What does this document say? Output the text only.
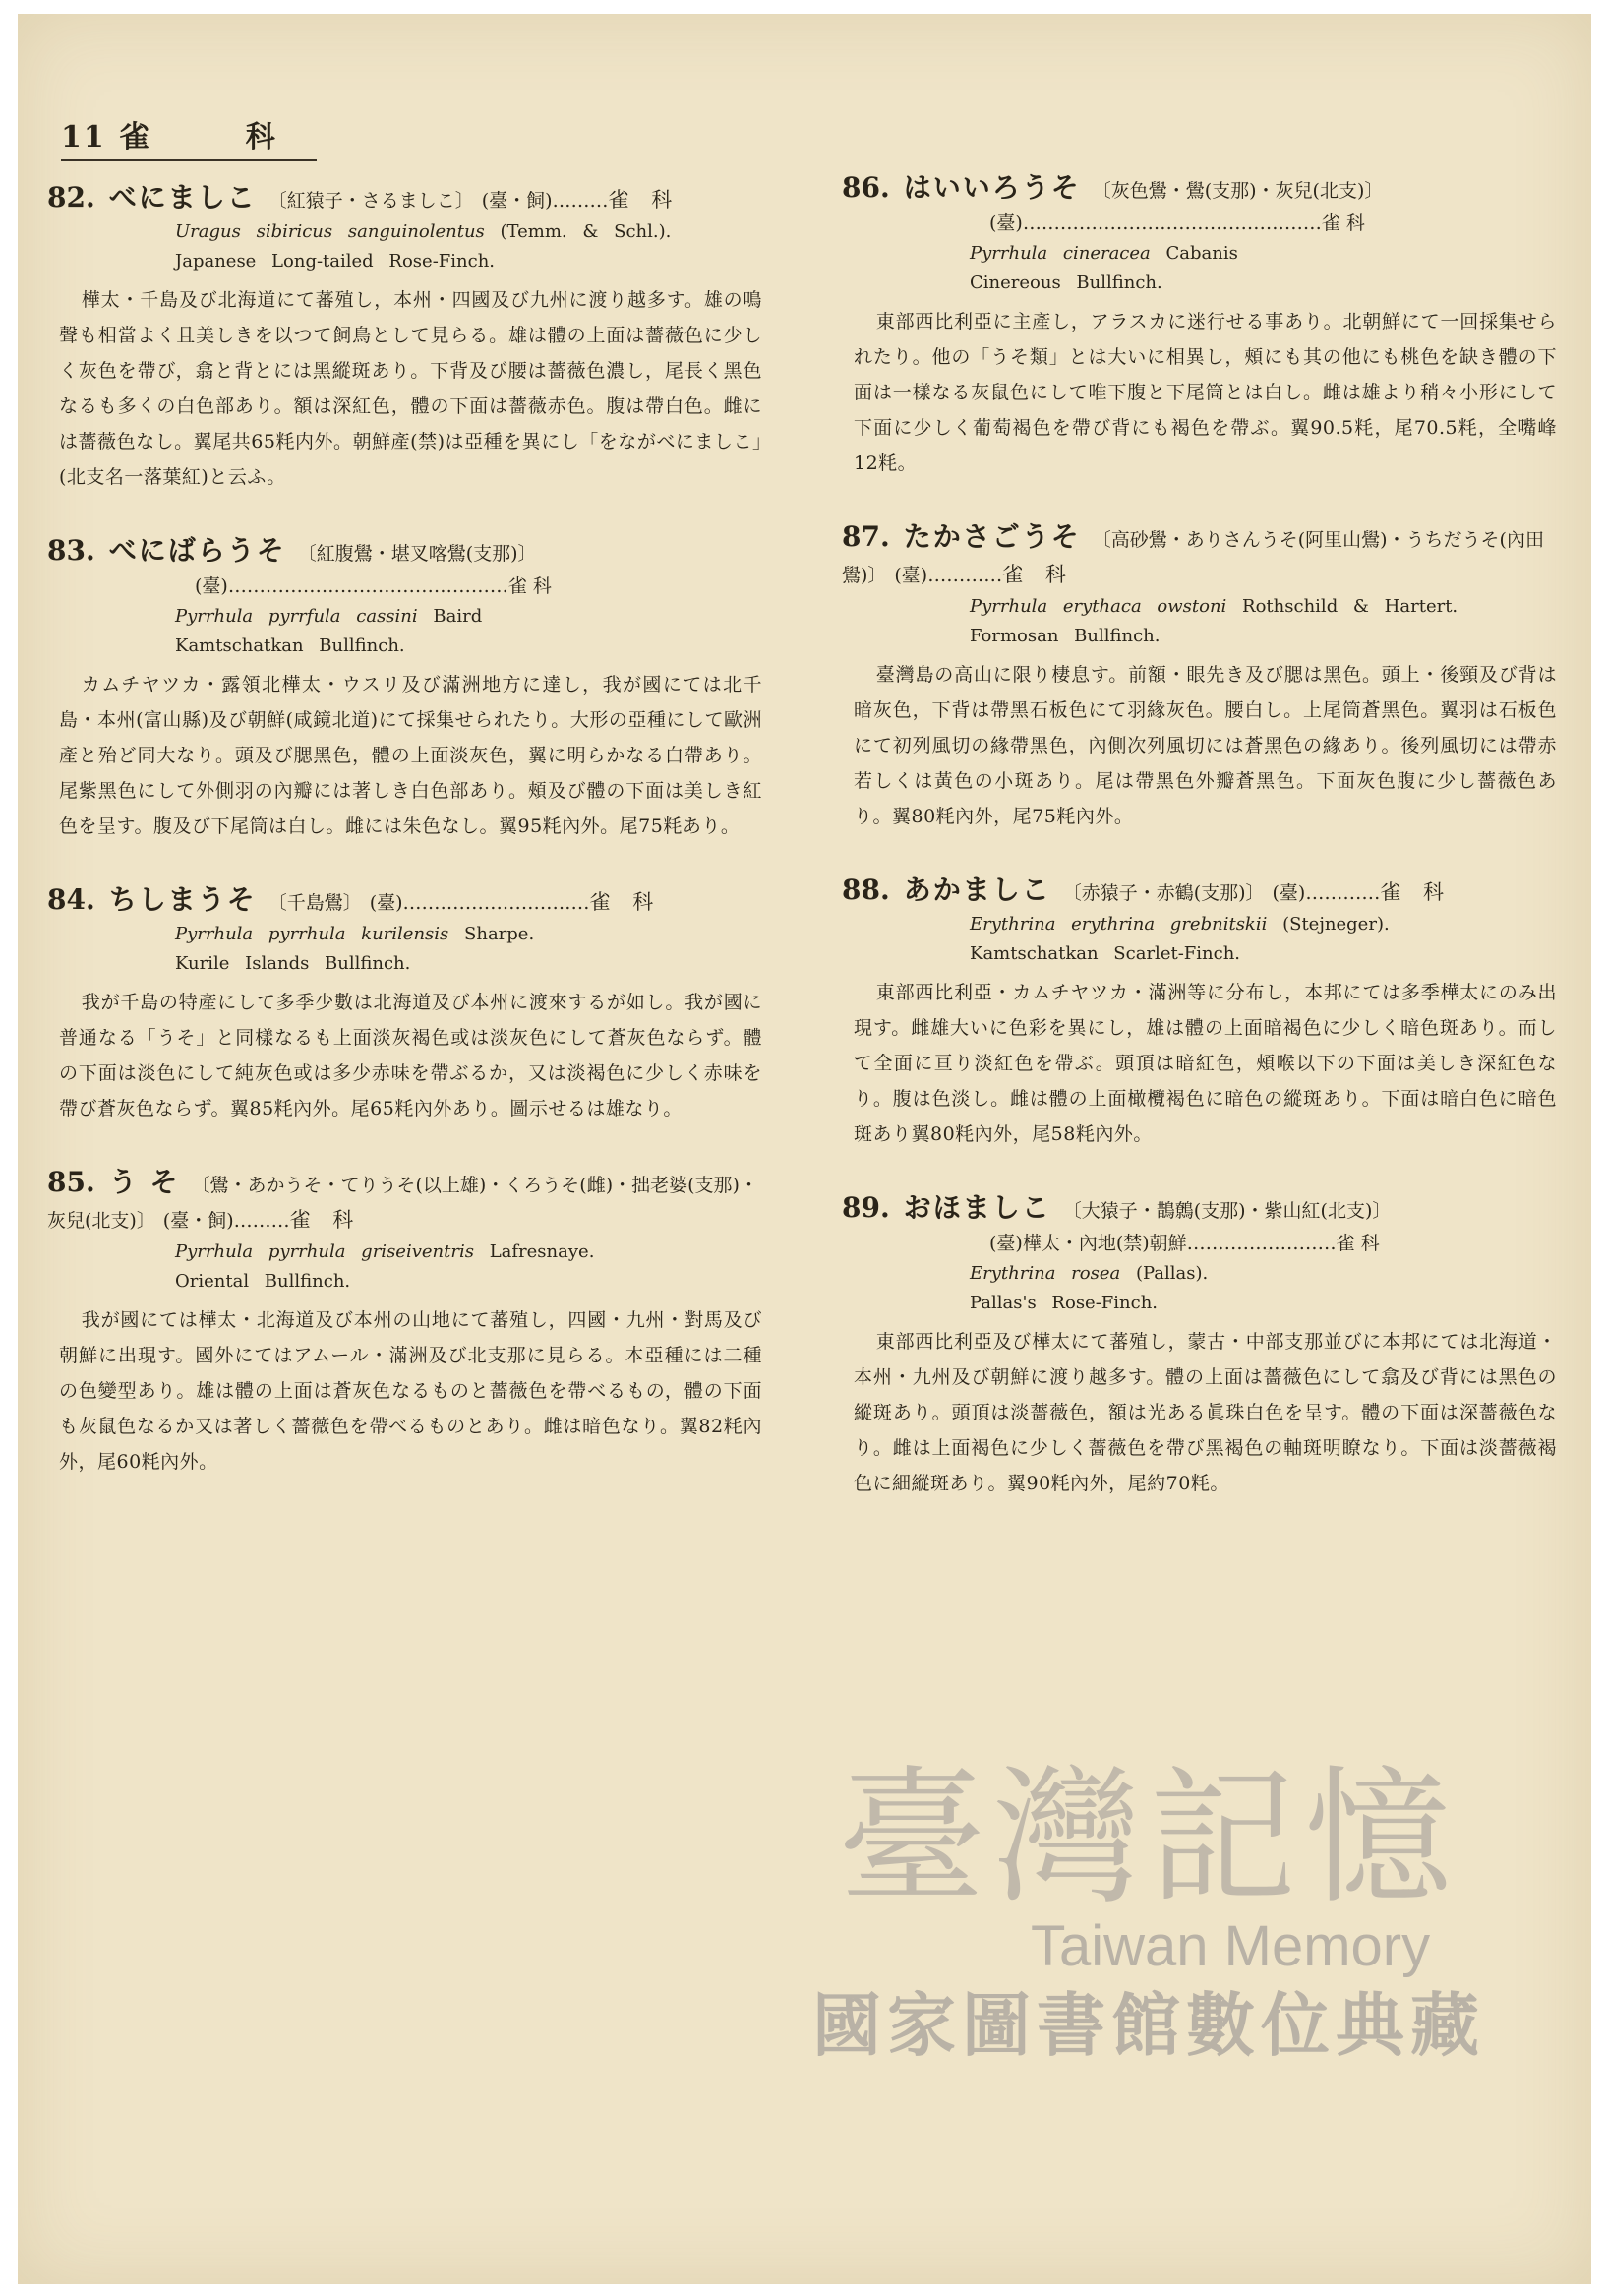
11 雀	科
82. べにましこ 〔紅猿子・さるましこ〕 (臺・飼)………雀 科
Uragus sibiricus sanguinolentus (Temm. & Schl.).
Japanese Long-tailed Rose-Finch.
樺太・千島及び北海道にて蕃殖し，本州・四國及び九州に渡り越多す。雄の鳴聲も相當よく且美しきを以つて飼鳥として見らる。雄は體の上面は薔薇色に少しく灰色を帶び，翕と背とには黑縱斑あり。下背及び腰は薔薇色濃し，尾長く黑色なるも多くの白色部あり。額は深紅色，體の下面は薔薇赤色。腹は帶白色。雌には薔薇色なし。翼尾共65粍内外。朝鮮產(禁)は亞種を異にし「をながべにましこ」(北支名一落葉紅)と云ふ。
83. べにばらうそ 〔紅腹鷽・堪叉喀鷽(支那)〕
(臺)………………………………………雀 科
Pyrrhula pyrrfula cassini Baird
Kamtschatkan Bullfinch.
カムチヤツカ・露領北樺太・ウスリ及び滿洲地方に達し，我が國にては北千島・本州(富山縣)及び朝鮮(咸鏡北道)にて採集せられたり。大形の亞種にして歐洲產と殆ど同大なり。頭及び腮黑色，體の上面淡灰色，翼に明らかなる白帶あり。尾紫黑色にして外側羽の內瓣には著しき白色部あり。頰及び體の下面は美しき紅色を呈す。腹及び下尾筒は白し。雌には朱色なし。翼95粍內外。尾75粍あり。
84. ちしまうそ 〔千島鷽〕 (臺)…………………………雀 科
Pyrrhula pyrrhula kurilensis Sharpe.
Kurile Islands Bullfinch.
我が千島の特產にして多季少數は北海道及び本州に渡來するが如し。我が國に普通なる「うそ」と同樣なるも上面淡灰褐色或は淡灰色にして蒼灰色ならず。體の下面は淡色にして純灰色或は多少赤味を帶ぶるか，又は淡褐色に少しく赤味を帶び蒼灰色ならず。翼85粍內外。尾65粍內外あり。圖示せるは雄なり。
85. う そ 〔鷽・あかうそ・てりうそ(以上雄)・くろうそ(雌)・拙老婆(支那)・灰兒(北支)〕 (臺・飼)………雀 科
Pyrrhula pyrrhula griseiventris Lafresnaye.
Oriental Bullfinch.
我が國にては樺太・北海道及び本州の山地にて蕃殖し，四國・九州・對馬及び朝鮮に出現す。國外にてはアムール・滿洲及び北支那に見らる。本亞種には二種の色變型あり。雄は體の上面は蒼灰色なるものと薔薇色を帶べるもの，體の下面も灰鼠色なるか又は著しく薔薇色を帶べるものとあり。雌は暗色なり。翼82粍內外，尾60粍內外。
86. はいいろうそ 〔灰色鷽・鷽(支那)・灰兒(北支)〕
(臺)…………………………………………雀 科
Pyrrhula cineracea Cabanis
Cinereous Bullfinch.
東部西比利亞に主產し，アラスカに迷行せる事あり。北朝鮮にて一回採集せられたり。他の「うそ類」とは大いに相異し，頰にも其の他にも桃色を缺き體の下面は一樣なる灰鼠色にして唯下腹と下尾筒とは白し。雌は雄より稍々小形にして下面に少しく葡萄褐色を帶び背にも褐色を帶ぶ。翼90.5粍，尾70.5粍，全嘴峰12粍。
87. たかさごうそ 〔高砂鷽・ありさんうそ(阿里山鷽)・うちだうそ(內田鷽)〕 (臺)…………雀 科
Pyrrhula erythaca owstoni Rothschild & Hartert.
Formosan Bullfinch.
臺灣島の高山に限り棲息す。前額・眼先き及び腮は黑色。頭上・後頸及び背は暗灰色，下背は帶黑石板色にて羽緣灰色。腰白し。上尾筒蒼黑色。翼羽は石板色にて初列風切の緣帶黑色，內側次列風切には蒼黑色の緣あり。後列風切には帶赤若しくは黃色の小斑あり。尾は帶黑色外瓣蒼黑色。下面灰色腹に少し薔薇色あり。翼80粍內外，尾75粍內外。
88. あかましこ 〔赤猿子・赤鶴(支那)〕 (臺)…………雀 科
Erythrina erythrina grebnitskii (Stejneger).
Kamtschatkan Scarlet-Finch.
東部西比利亞・カムチヤツカ・滿洲等に分布し，本邦にては多季樺太にのみ出現す。雌雄大いに色彩を異にし，雄は體の上面暗褐色に少しく暗色斑あり。而して全面に亘り淡紅色を帶ぶ。頭頂は暗紅色，頰喉以下の下面は美しき深紅色なり。腹は色淡し。雌は體の上面橄欖褐色に暗色の縱斑あり。下面は暗白色に暗色斑あり翼80粍內外，尾58粍內外。
89. おほましこ 〔大猿子・鵲鷯(支那)・紫山紅(北支)〕
(臺)樺太・內地(禁)朝鮮……………………雀 科
Erythrina rosea (Pallas).
Pallas's Rose-Finch.
東部西比利亞及び樺太にて蕃殖し，蒙古・中部支那並びに本邦にては北海道・本州・九州及び朝鮮に渡り越多す。體の上面は薔薇色にして翕及び背には黑色の縱斑あり。頭頂は淡薔薇色，額は光ある眞珠白色を呈す。體の下面は深薔薇色なり。雌は上面褐色に少しく薔薇色を帶び黑褐色の軸斑明瞭なり。下面は淡薔薇褐色に細縱斑あり。翼90粍內外，尾約70粍。
臺灣記憶
Taiwan Memory
國家圖書館數位典藏
